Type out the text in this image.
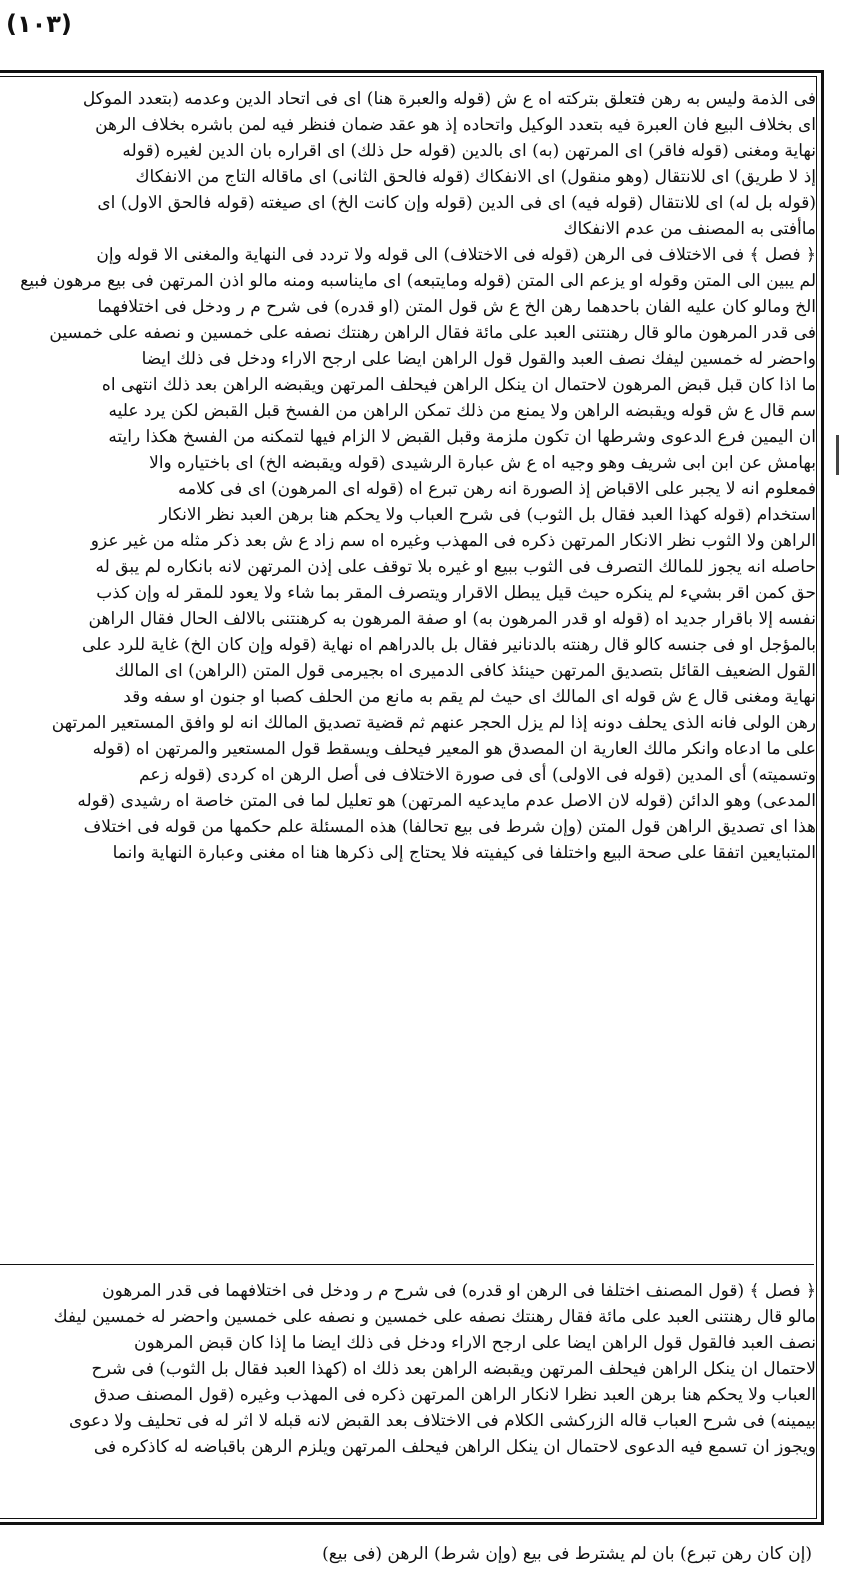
(۱۰۳)

فى الذمة وليس به رهن فتعلق بتركته اه ع ش (قوله والعبرة هنا) اى فى اتحاد الدين وعدمه (بتعدد الموكل

اى بخلاف البيع فان العبرة فيه بتعدد الوكيل واتحاده إذ هو عقد ضمان فنظر فيه لمن باشره بخلاف الرهن

نهاية ومغنى (قوله فاقر) اى المرتهن (به) اى بالدين (قوله حل ذلك) اى اقراره بان الدين لغيره (قوله

إذ لا طريق) اى للانتقال (وهو منقول) اى الانفكاك (قوله فالحق الثانى) اى ماقاله التاج من الانفكاك

(قوله بل له) اى للانتقال (قوله فيه) اى فى الدين (قوله وإن كانت الخ) اى صيغته (قوله فالحق الاول) اى

ماأفتى به المصنف من عدم الانفكاك

﴿ فصل ﴾ فى الاختلاف فى الرهن (قوله فى الاختلاف) الى قوله ولا تردد فى النهاية والمغنى الا قوله وإن

لم يبين الى المتن وقوله او يزعم الى المتن (قوله ومايتبعه) اى مايناسبه ومنه مالو اذن المرتهن فى بيع مرهون فبيع

الخ ومالو كان عليه الفان باحدهما رهن الخ ع ش قول المتن (او قدره) فى شرح م ر ودخل فى اختلافهما

فى قدر المرهون مالو قال رهنتنى العبد على مائة فقال الراهن رهنتك نصفه على خمسين و نصفه على خمسين

واحضر له خمسين ليفك نصف العبد والقول قول الراهن ايضا على ارجح الاراء ودخل فى ذلك ايضا

ما اذا كان قبل قبض المرهون لاحتمال ان ينكل الراهن فيحلف المرتهن ويقبضه الراهن بعد ذلك انتهى اه

سم قال ع ش قوله ويقبضه الراهن ولا يمنع من ذلك تمكن الراهن من الفسخ قبل القبض لكن يرد عليه

ان اليمين فرع الدعوى وشرطها ان تكون ملزمة وقبل القبض لا الزام فيها لتمكنه من الفسخ هكذا رايته

بهامش عن ابن ابى شريف وهو وجيه اه ع ش عبارة الرشيدى (قوله ويقبضه الخ) اى باختياره والا

فمعلوم انه لا يجبر على الاقباض إذ الصورة انه رهن تبرع اه (قوله اى المرهون) اى فى كلامه

استخدام (قوله كهذا العبد فقال بل الثوب) فى شرح العباب ولا يحكم هنا برهن العبد نظر الانكار

الراهن ولا الثوب نظر الانكار المرتهن ذكره فى المهذب وغيره اه سم زاد ع ش بعد ذكر مثله من غير عزو

حاصله انه يجوز للمالك التصرف فى الثوب ببيع او غيره بلا توقف على إذن المرتهن لانه بانكاره لم يبق له

حق كمن اقر بشيء لم ينكره حيث قيل يبطل الاقرار ويتصرف المقر بما شاء ولا يعود للمقر له وإن كذب

نفسه إلا باقرار جديد اه (قوله او قدر المرهون به) او صفة المرهون به كرهنتنى بالالف الحال فقال الراهن

بالمؤجل او فى جنسه كالو قال رهنته بالدنانير فقال بل بالدراهم اه نهاية (قوله وإن كان الخ) غاية للرد على

القول الضعيف القائل بتصديق المرتهن حينئذ كافى الدميرى اه بجيرمى قول المتن (الراهن) اى المالك

نهاية ومغنى قال ع ش قوله اى المالك اى حيث لم يقم به مانع من الحلف كصبا او جنون او سفه وقد

رهن الولى فانه الذى يحلف دونه إذا لم يزل الحجر عنهم ثم قضية تصديق المالك انه لو وافق المستعير المرتهن

على ما ادعاه وانكر مالك العارية ان المصدق هو المعير فيحلف ويسقط قول المستعير والمرتهن اه (قوله

وتسميته) أى المدين (قوله فى الاولى) أى فى صورة الاختلاف فى أصل الرهن اه كردى (قوله زعم

المدعى) وهو الدائن (قوله لان الاصل عدم مايدعيه المرتهن) هو تعليل لما فى المتن خاصة اه رشيدى (قوله

هذا اى تصديق الراهن قول المتن (وإن شرط فى بيع تحالفا) هذه المسئلة علم حكمها من قوله فى اختلاف

المتبايعين اتفقا على صحة البيع واختلفا فى كيفيته فلا يحتاج إلى ذكرها هنا اه مغنى وعبارة النهاية وانما

﴿ فصل ﴾ (قول المصنف اختلفا فى الرهن او قدره) فى شرح م ر ودخل فى اختلافهما فى قدر المرهون

مالو قال رهنتنى العبد على مائة فقال رهنتك نصفه على خمسين و نصفه على خمسين واحضر له خمسين ليفك

نصف العبد فالقول قول الراهن ايضا على ارجح الاراء ودخل فى ذلك ايضا ما إذا كان قبض المرهون

لاحتمال ان ينكل الراهن فيحلف المرتهن ويقبضه الراهن بعد ذلك اه (كهذا العبد فقال بل الثوب) فى شرح

العباب ولا يحكم هنا برهن العبد نظرا لانكار الراهن المرتهن ذكره فى المهذب وغيره (قول المصنف صدق

بيمينه) فى شرح العباب قاله الزركشى الكلام فى الاختلاف بعد القبض لانه قبله لا اثر له فى تحليف ولا دعوى

ويجوز ان تسمع فيه الدعوى لاحتمال ان ينكل الراهن فيحلف المرتهن ويلزم الرهن باقباضه له كاذكره فى

(إن كان رهن تبرع) بان لم يشترط فى بيع (وإن شرط) الرهن (فى بيع)
